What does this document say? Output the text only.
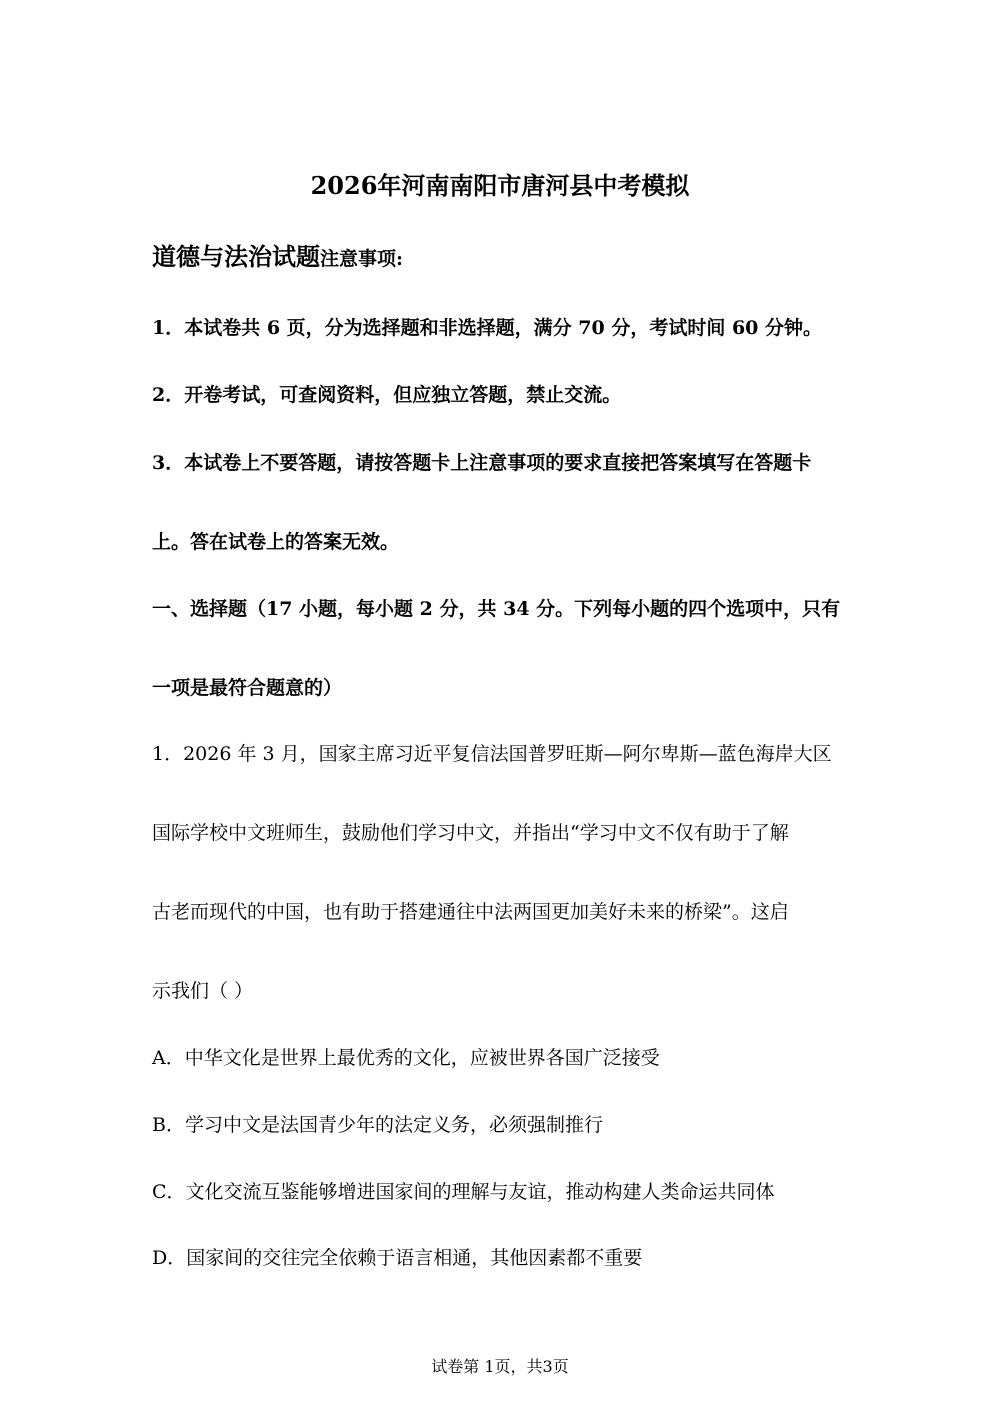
2026年河南南阳市唐河县中考模拟
道德与法治试题注意事项:
1．本试卷共 6 页，分为选择题和非选择题，满分 70 分，考试时间 60 分钟。
2．开卷考试，可查阅资料，但应独立答题，禁止交流。
3．本试卷上不要答题，请按答题卡上注意事项的要求直接把答案填写在答题卡
上。答在试卷上的答案无效。
一、选择题（17 小题，每小题 2 分，共 34 分。下列每小题的四个选项中，只有
一项是最符合题意的）
1．2026 年 3 月，国家主席习近平复信法国普罗旺斯—阿尔卑斯—蓝色海岸大区
国际学校中文班师生，鼓励他们学习中文，并指出“学习中文不仅有助于了解
古老而现代的中国，也有助于搭建通往中法两国更加美好未来的桥梁”。这启
示我们（ ）
A．中华文化是世界上最优秀的文化，应被世界各国广泛接受
B．学习中文是法国青少年的法定义务，必须强制推行
C．文化交流互鉴能够增进国家间的理解与友谊，推动构建人类命运共同体
D．国家间的交往完全依赖于语言相通，其他因素都不重要
试卷第 1页，共3页
